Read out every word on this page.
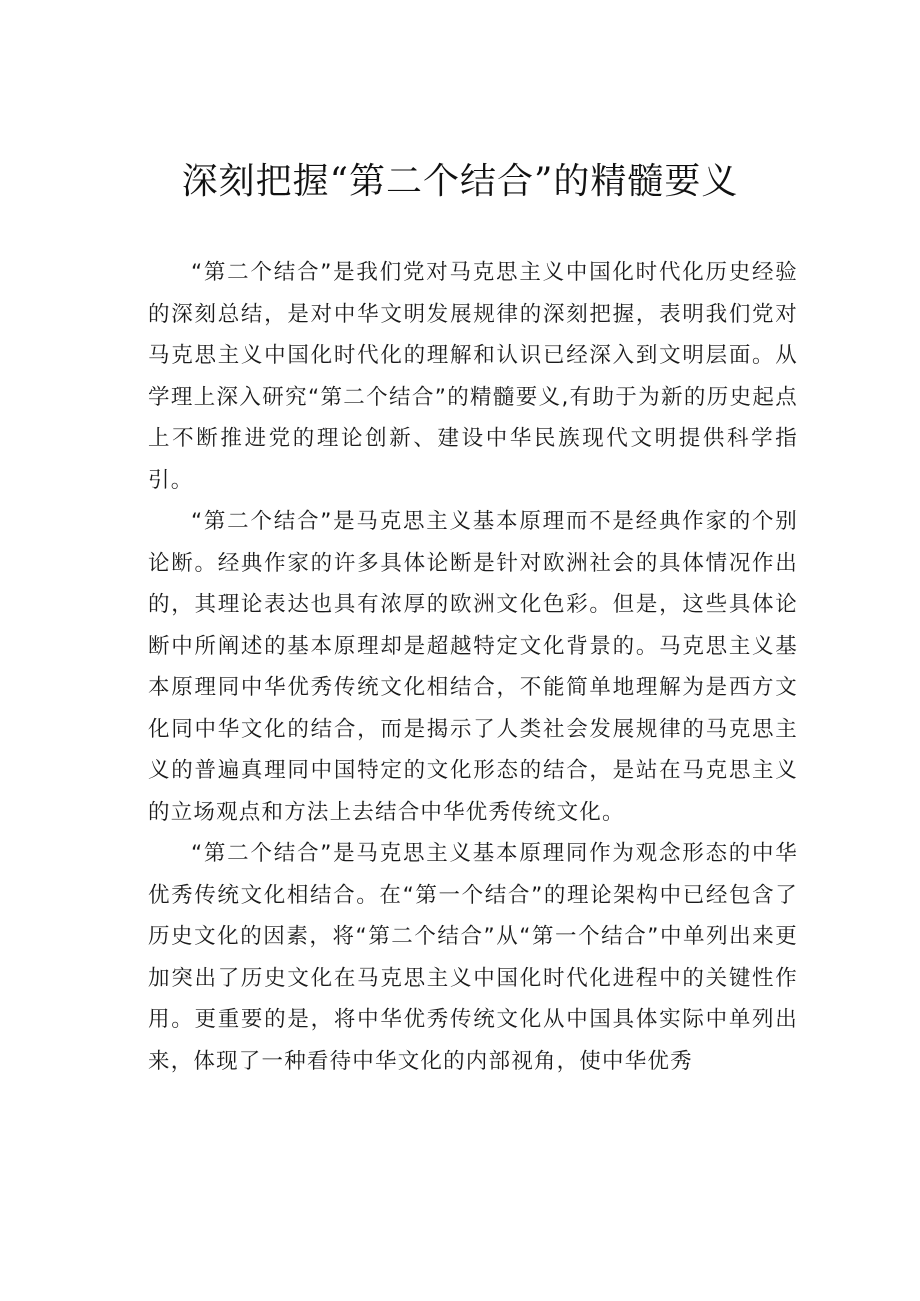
深刻把握“第二个结合”的精髓要义

“第二个结合”是我们党对马克思主义中国化时代化历史经验的深刻总结，是对中华文明发展规律的深刻把握，表明我们党对马克思主义中国化时代化的理解和认识已经深入到文明层面。从学理上深入研究“第二个结合”的精髓要义,有助于为新的历史起点上不断推进党的理论创新、建设中华民族现代文明提供科学指引。

“第二个结合”是马克思主义基本原理而不是经典作家的个别论断。经典作家的许多具体论断是针对欧洲社会的具体情况作出的，其理论表达也具有浓厚的欧洲文化色彩。但是，这些具体论断中所阐述的基本原理却是超越特定文化背景的。马克思主义基本原理同中华优秀传统文化相结合，不能简单地理解为是西方文化同中华文化的结合，而是揭示了人类社会发展规律的马克思主义的普遍真理同中国特定的文化形态的结合，是站在马克思主义的立场观点和方法上去结合中华优秀传统文化。

“第二个结合”是马克思主义基本原理同作为观念形态的中华优秀传统文化相结合。在“第一个结合”的理论架构中已经包含了历史文化的因素，将“第二个结合”从“第一个结合”中单列出来更加突出了历史文化在马克思主义中国化时代化进程中的关键性作用。更重要的是，将中华优秀传统文化从中国具体实际中单列出来，体现了一种看待中华文化的内部视角，使中华优秀
